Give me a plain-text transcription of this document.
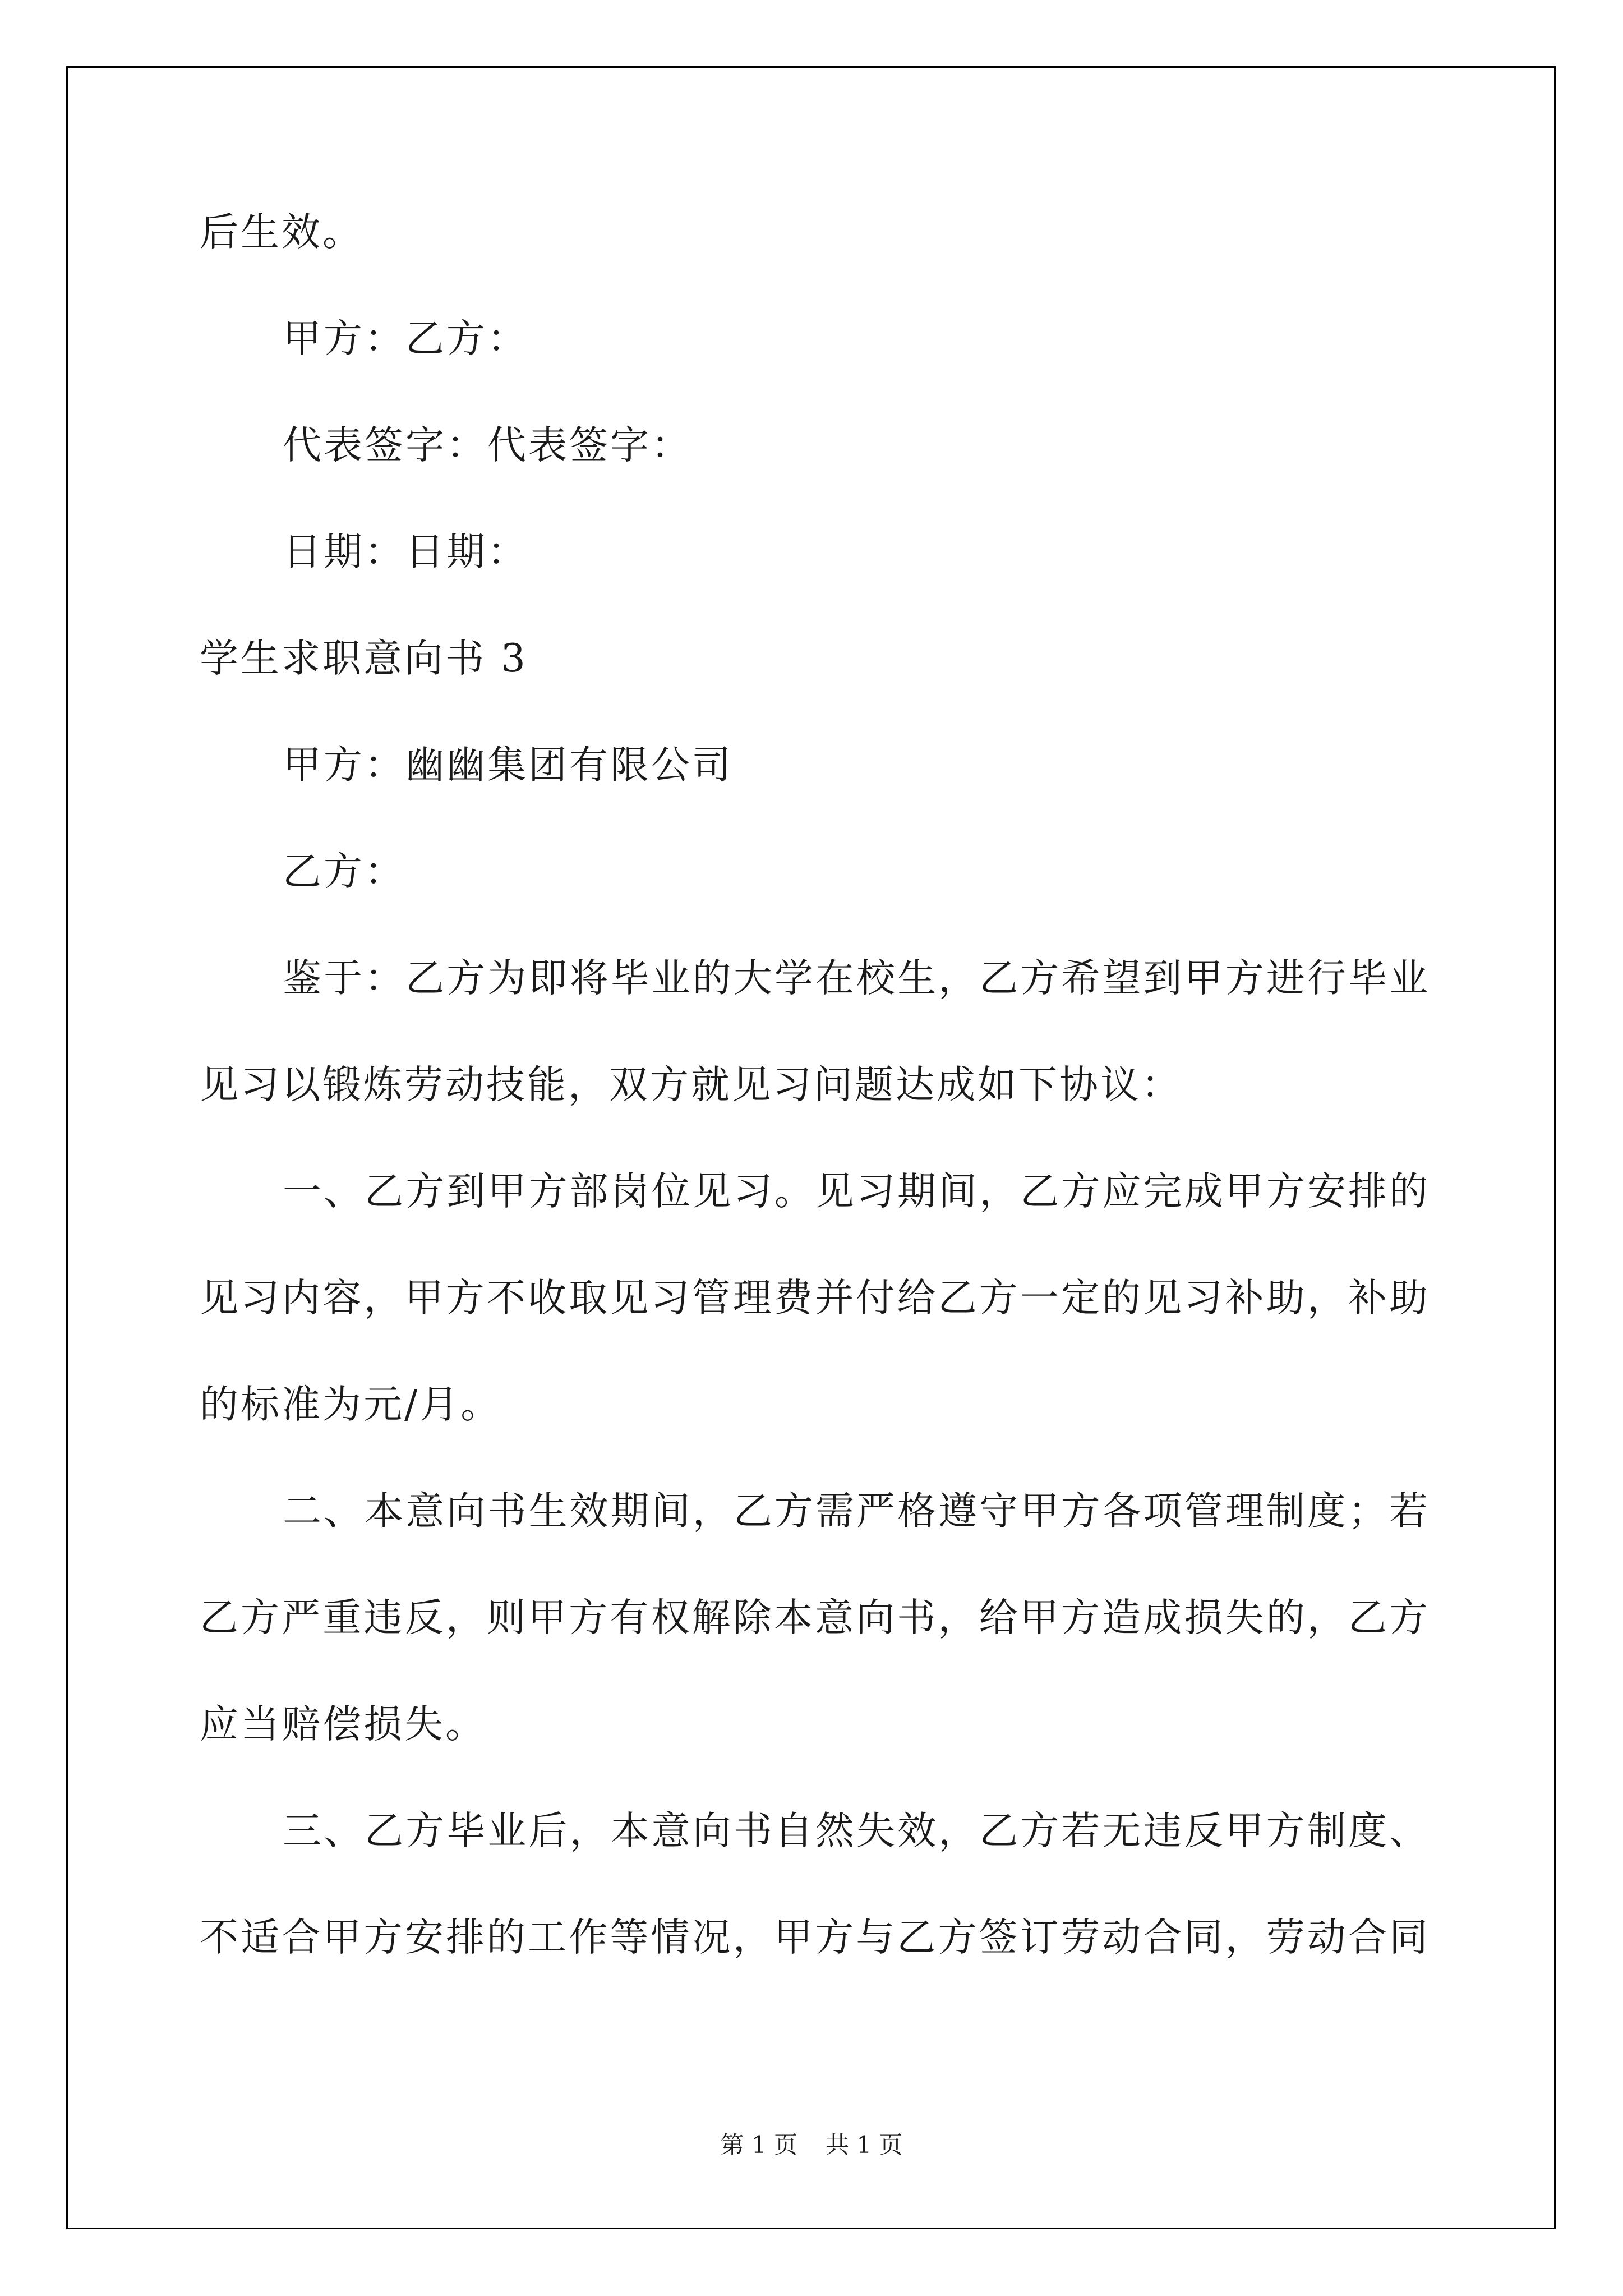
后生效。
甲方：乙方：
代表签字：代表签字：
日期：日期：
学生求职意向书 3
甲方：幽幽集团有限公司
乙方：
鉴于：乙方为即将毕业的大学在校生，乙方希望到甲方进行毕业
见习以锻炼劳动技能，双方就见习问题达成如下协议：
一、乙方到甲方部岗位见习。见习期间，乙方应完成甲方安排的
见习内容，甲方不收取见习管理费并付给乙方一定的见习补助，补助
的标准为元/月。
二、本意向书生效期间，乙方需严格遵守甲方各项管理制度；若
乙方严重违反，则甲方有权解除本意向书，给甲方造成损失的，乙方
应当赔偿损失。
三、乙方毕业后，本意向书自然失效，乙方若无违反甲方制度、
不适合甲方安排的工作等情况，甲方与乙方签订劳动合同，劳动合同
第 1 页 共 1 页
